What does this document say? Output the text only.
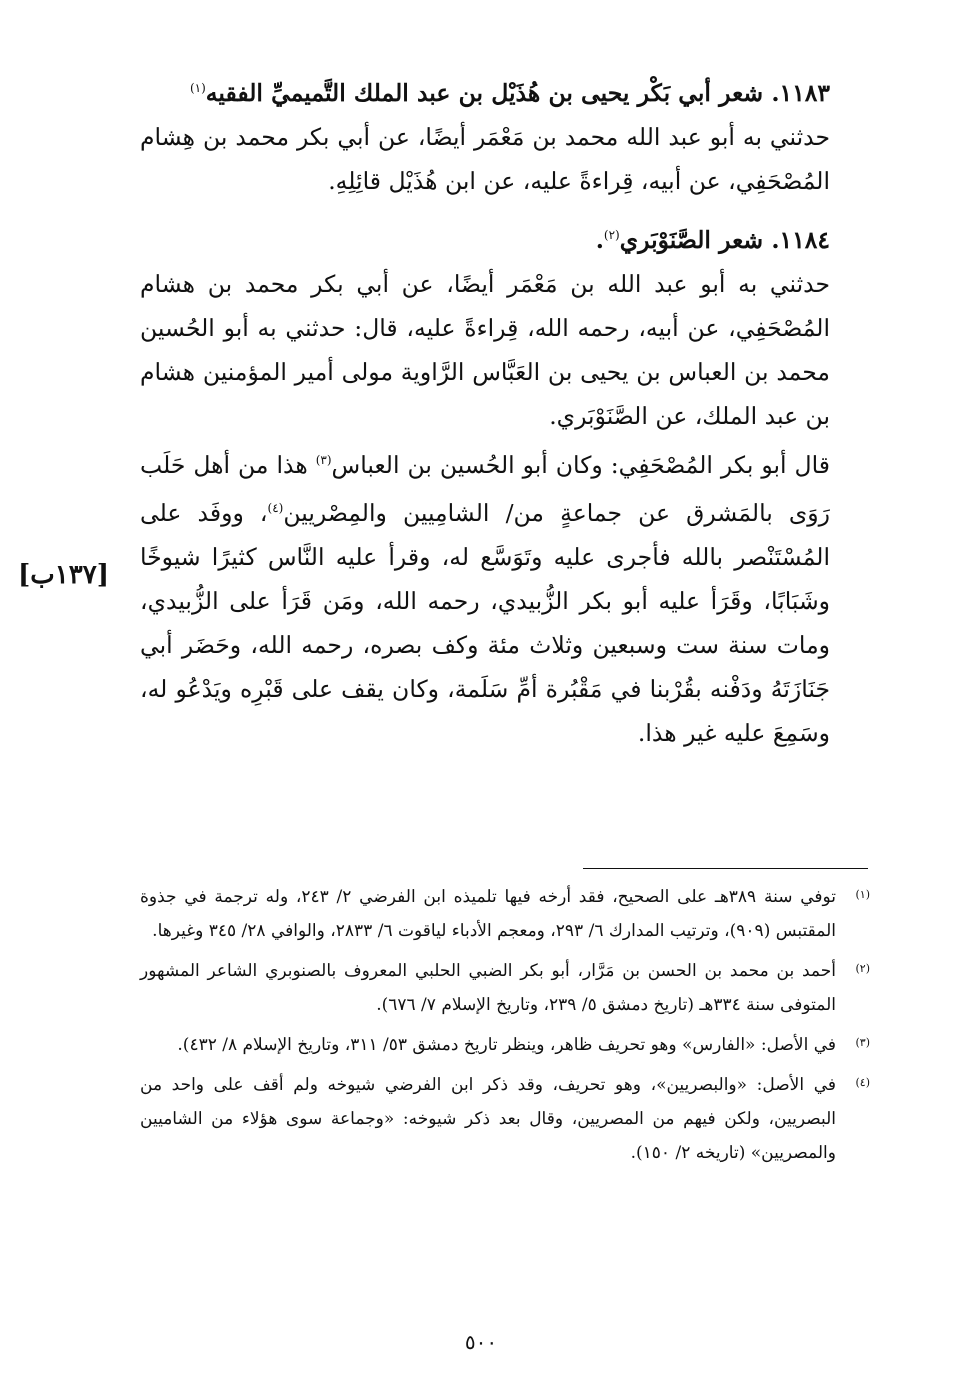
١١٨٣. شعر أبي بَكْر يحيى بن هُذَيْل بن عبد الملك التَّميميِّ الفقيه$^{(١)}$

حدثني به أبو عبد الله محمد بن مَعْمَر أيضًا، عن أبي بكر محمد بن هِشام المُصْحَفِي، عن أبيه، قِراءةً عليه، عن ابن هُذَيْل قائِلِهِ.

١١٨٤. شعر الصَّنَوْبَري$^{(٢)}$.

حدثني به أبو عبد الله بن مَعْمَر أيضًا، عن أبي بكر محمد بن هشام المُصْحَفِي، عن أبيه، رحمه الله، قِراءةً عليه، قال: حدثني به أبو الحُسين محمد بن العباس بن يحيى بن العَبَّاس الرَّاوية مولى أمير المؤمنين هشام بن عبد الملك، عن الصَّنَوْبَري.

قال أبو بكر المُصْحَفِي: وكان أبو الحُسين بن العباس$^{(٣)}$ هذا من أهل حَلَب رَوَى بالمَشرق عن جماعةٍ من/ الشامِيين والمِصْريين$^{(٤)}$، ووفَد على المُسْتَنْصر بالله فأجرى عليه وتَوَسَّع له، وقرأ عليه النَّاس كثيرًا شيوخًا وشَبَابًا، وقَرَأ عليه أبو بكر الزُّبيدي، رحمه الله، ومَن قَرَأ على الزُّبيدي، ومات سنة ست وسبعين وثلاث مئة وكف بصره، رحمه الله، وحَضَر أبي جَنَازَتَهُ ودَفْنه بقُرْبنا في مَقْبُرة أمِّ سَلَمة، وكان يقف على قَبْرِه ويَدْعُو له، وسَمِعَ عليه غير هذا.

[١٣٧ب]
(١)
توفي سنة ٣٨٩هـ على الصحيح، فقد أرخه فيها تلميذه ابن الفرضي ٢/ ٢٤٣، وله ترجمة في جذوة المقتبس (٩٠٩)، وترتيب المدارك ٦/ ٢٩٣، ومعجم الأدباء لياقوت ٦/ ٢٨٣٣، والوافي ٢٨/ ٣٤٥ وغيرها.
(٢)
أحمد بن محمد بن الحسن بن مَرَّار، أبو بكر الضبي الحلبي المعروف بالصنوبري الشاعر المشهور المتوفى سنة ٣٣٤هـ (تاريخ دمشق ٥/ ٢٣٩، وتاريخ الإسلام ٧/ ٦٧٦).
(٣)
في الأصل: «الفارس» وهو تحريف ظاهر، وينظر تاريخ دمشق ٥٣/ ٣١١، وتاريخ الإسلام ٨/ ٤٣٢).
(٤)
في الأصل: «والبصريين»، وهو تحريف، وقد ذكر ابن الفرضي شيوخه ولم أقف على واحد من البصريين، ولكن فيهم من المصريين، وقال بعد ذكر شيوخه: «وجماعة سوى هؤلاء من الشاميين والمصريين» (تاريخه ٢/ ١٥٠).
٥٠٠
